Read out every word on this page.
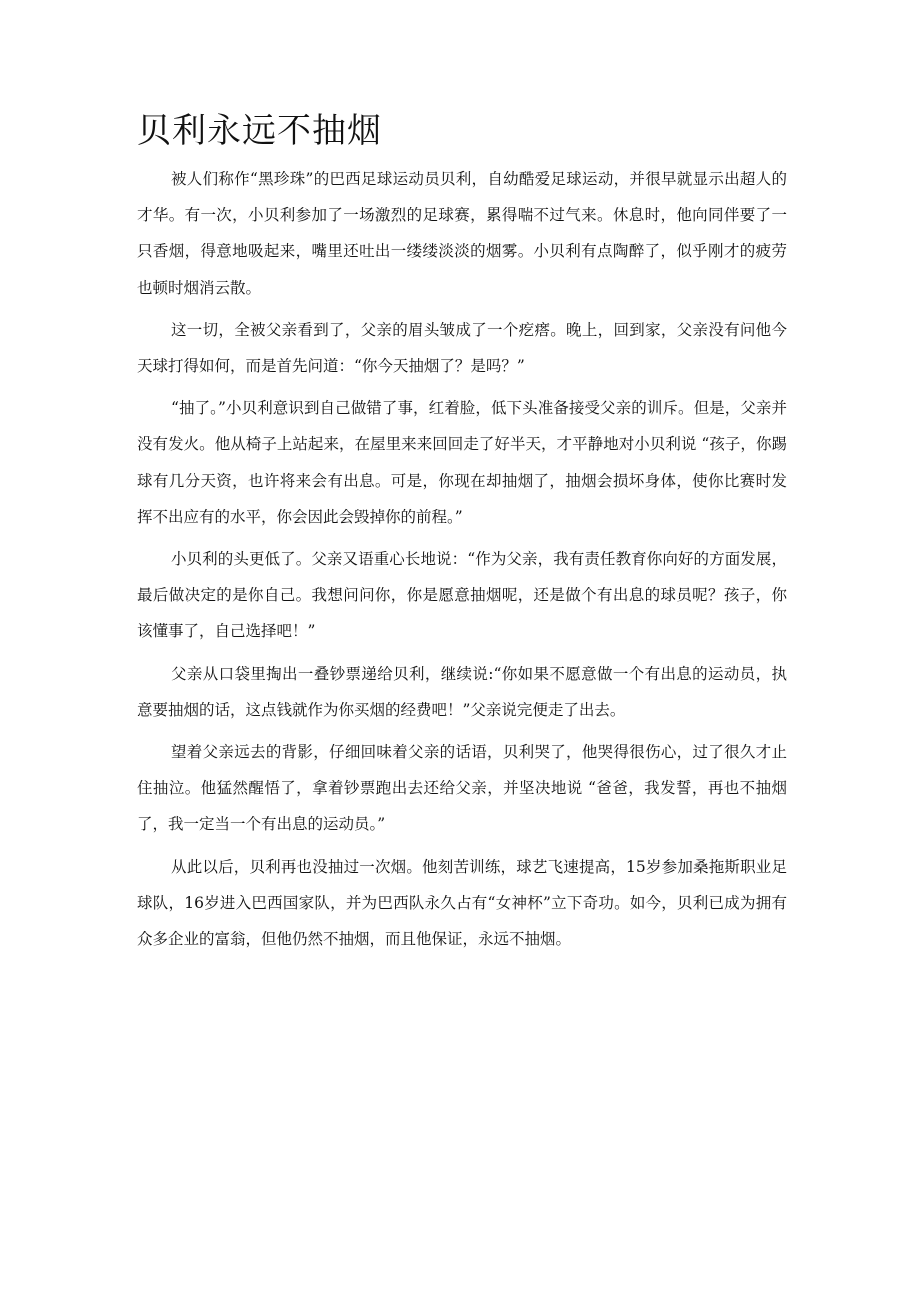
贝利永远不抽烟

被人们称作“黑珍珠”的巴西足球运动员贝利，自幼酷爱足球运动，并很早就显示出超人的才华。有一次，小贝利参加了一场激烈的足球赛，累得喘不过气来。休息时，他向同伴要了一只香烟，得意地吸起来，嘴里还吐出一缕缕淡淡的烟雾。小贝利有点陶醉了，似乎刚才的疲劳也顿时烟消云散。

这一切，全被父亲看到了，父亲的眉头皱成了一个疙瘩。晚上，回到家，父亲没有问他今天球打得如何，而是首先问道：“你今天抽烟了？是吗？”

“抽了。”小贝利意识到自己做错了事，红着脸，低下头准备接受父亲的训斥。但是，父亲并没有发火。他从椅子上站起来，在屋里来来回回走了好半天，才平静地对小贝利说 “孩子，你踢球有几分天资，也许将来会有出息。可是，你现在却抽烟了，抽烟会损坏身体，使你比赛时发挥不出应有的水平，你会因此会毁掉你的前程。”

小贝利的头更低了。父亲又语重心长地说：“作为父亲，我有责任教育你向好的方面发展，最后做决定的是你自己。我想问问你，你是愿意抽烟呢，还是做个有出息的球员呢？孩子，你该懂事了，自己选择吧！”

父亲从口袋里掏出一叠钞票递给贝利，继续说:“你如果不愿意做一个有出息的运动员，执意要抽烟的话，这点钱就作为你买烟的经费吧！”父亲说完便走了出去。

望着父亲远去的背影，仔细回味着父亲的话语，贝利哭了，他哭得很伤心，过了很久才止住抽泣。他猛然醒悟了，拿着钞票跑出去还给父亲，并坚决地说 “爸爸，我发誓，再也不抽烟了，我一定当一个有出息的运动员。”

从此以后，贝利再也没抽过一次烟。他刻苦训练，球艺飞速提高，15岁参加桑拖斯职业足球队，16岁进入巴西国家队，并为巴西队永久占有“女神杯”立下奇功。如今，贝利已成为拥有众多企业的富翁，但他仍然不抽烟，而且他保证，永远不抽烟。
